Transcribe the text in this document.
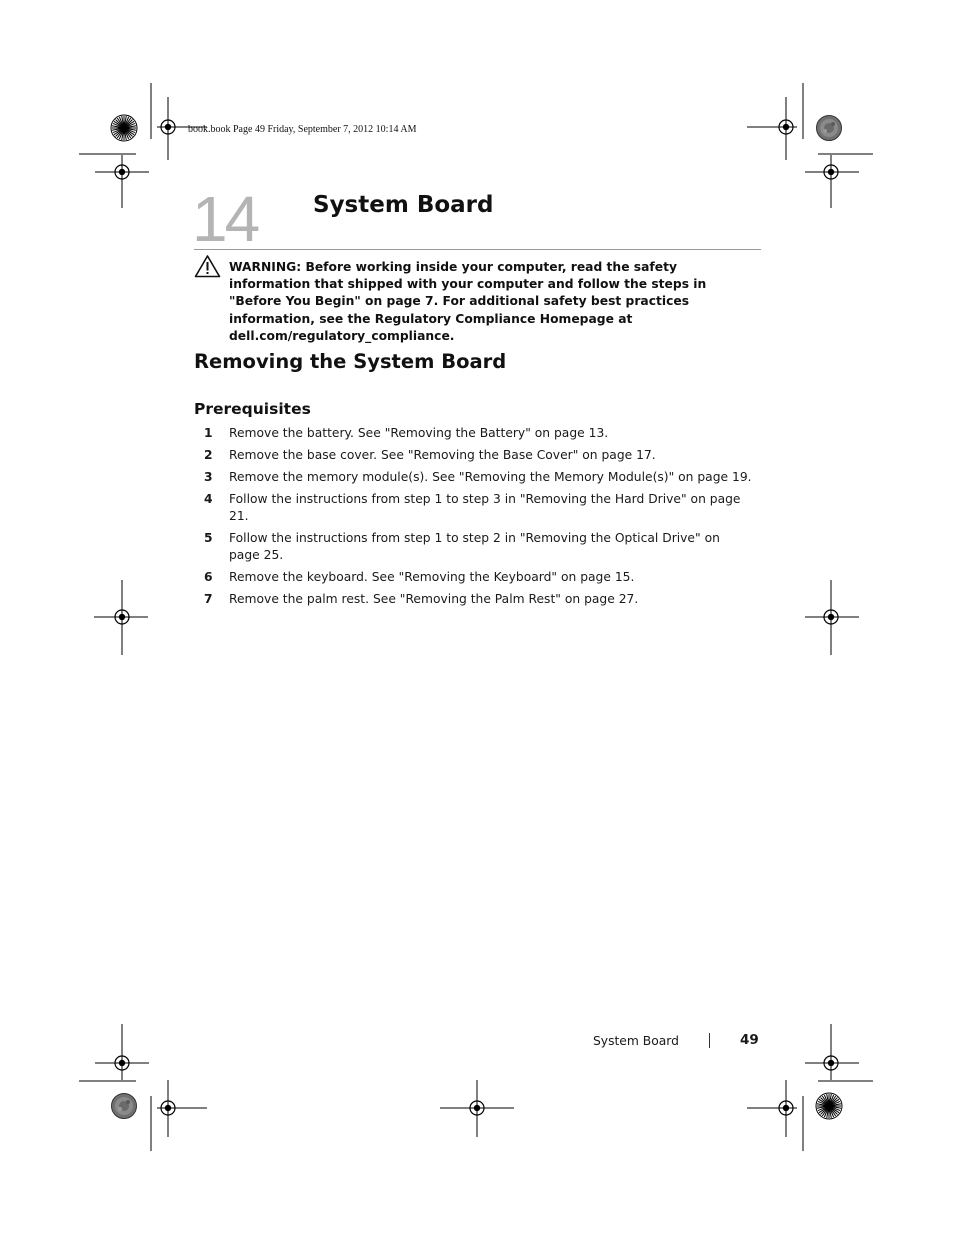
book.book Page 49 Friday, September 7, 2012 10:14 AM
14 System Board
WARNING: Before working inside your computer, read the safety information that shipped with your computer and follow the steps in "Before You Begin" on page 7. For additional safety best practices information, see the Regulatory Compliance Homepage at dell.com/regulatory_compliance.
Removing the System Board
Prerequisites
1 Remove the battery. See "Removing the Battery" on page 13.
2 Remove the base cover. See "Removing the Base Cover" on page 17.
3 Remove the memory module(s). See "Removing the Memory Module(s)" on page 19.
4 Follow the instructions from step 1 to step 3 in "Removing the Hard Drive" on page 21.
5 Follow the instructions from step 1 to step 2 in "Removing the Optical Drive" on page 25.
6 Remove the keyboard. See "Removing the Keyboard" on page 15.
7 Remove the palm rest. See "Removing the Palm Rest" on page 27.
System Board	49
